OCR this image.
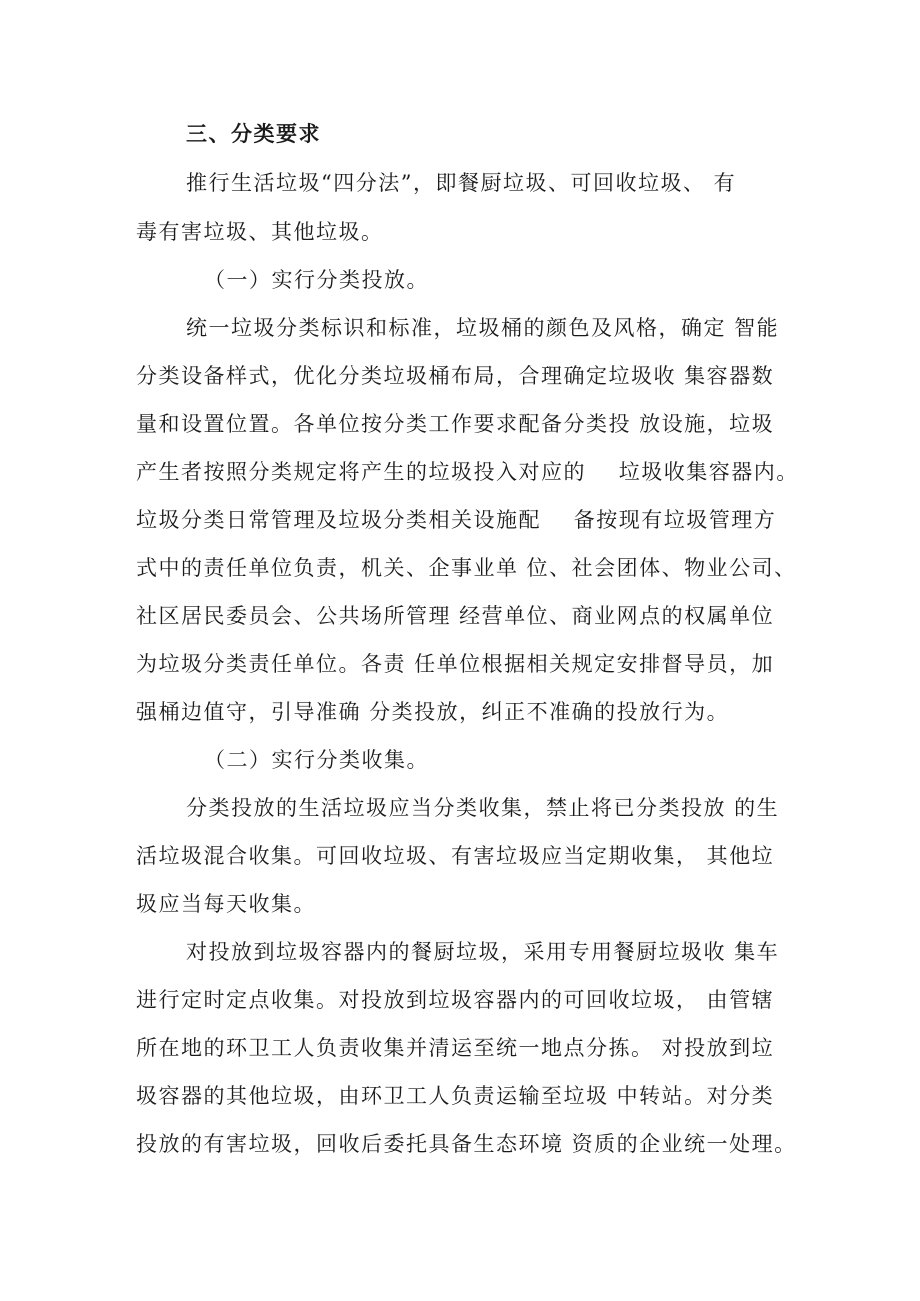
三、分类要求
推行生活垃圾“四分法”，即餐厨垃圾、可回收垃圾、 有
毒有害垃圾、其他垃圾。
（一）实行分类投放。
统一垃圾分类标识和标准，垃圾桶的颜色及风格，确定 智能
分类设备样式，优化分类垃圾桶布局，合理确定垃圾收 集容器数
量和设置位置。各单位按分类工作要求配备分类投 放设施，垃圾
产生者按照分类规定将产生的垃圾投入对应的    垃圾收集容器内。
垃圾分类日常管理及垃圾分类相关设施配    备按现有垃圾管理方
式中的责任单位负责，机关、企事业单 位、社会团体、物业公司、
社区居民委员会、公共场所管理 经营单位、商业网点的权属单位
为垃圾分类责任单位。各责 任单位根据相关规定安排督导员，加
强桶边值守，引导准确 分类投放，纠正不准确的投放行为。
（二）实行分类收集。
分类投放的生活垃圾应当分类收集，禁止将已分类投放 的生
活垃圾混合收集。可回收垃圾、有害垃圾应当定期收集， 其他垃
圾应当每天收集。
对投放到垃圾容器内的餐厨垃圾，采用专用餐厨垃圾收 集车
进行定时定点收集。对投放到垃圾容器内的可回收垃圾， 由管辖
所在地的环卫工人负责收集并清运至统一地点分拣。 对投放到垃
圾容器的其他垃圾，由环卫工人负责运输至垃圾 中转站。对分类
投放的有害垃圾，回收后委托具备生态环境 资质的企业统一处理。
